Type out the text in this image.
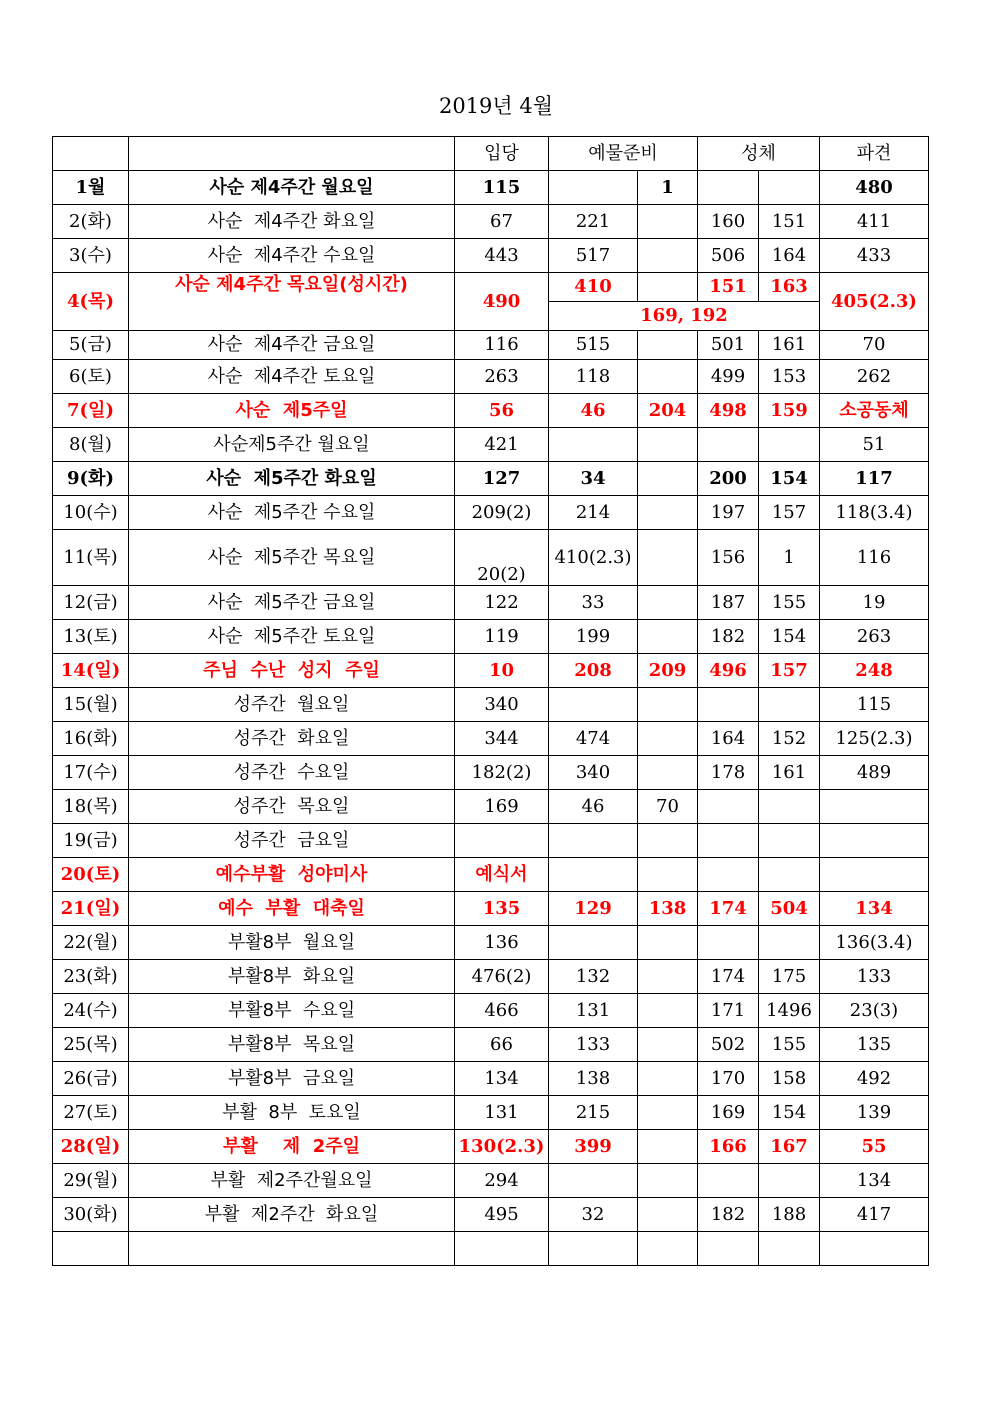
2019년 4월
		입당	예물준비		성체		파견
1월	사순 제4주간 월요일	115		1			480
2(화)	사순  제4주간 화요일	67	221		160	151	411
3(수)	사순  제4주간 수요일	443	517		506	164	433
4(목)	사순 제4주간 목요일(성시간)	490	410		151	163	405(2.3)
			169, 192				
5(금)	사순  제4주간 금요일	116	515		501	161	70
6(토)	사순  제4주간 토요일	263	118		499	153	262
7(일)	사순  제5주일	56	46	204	498	159	소공동체
8(월)	사순제5주간 월요일	421					51
9(화)	사순  제5주간 화요일	127	34		200	154	117
10(수)	사순  제5주간 수요일	209(2)	214		197	157	118(3.4)
11(목)	사순  제5주간 목요일	20(2)	410(2.3)		156	1	116
12(금)	사순  제5주간 금요일	122	33		187	155	19
13(토)	사순  제5주간 토요일	119	199		182	154	263
14(일)	주님  수난  성지  주일	10	208	209	496	157	248
15(월)	성주간  월요일	340					115
16(화)	성주간  화요일	344	474		164	152	125(2.3)
17(수)	성주간  수요일	182(2)	340		178	161	489
18(목)	성주간  목요일	169	46	70			
19(금)	성주간  금요일						
20(토)	예수부활  성야미사	예식서					
21(일)	예수  부활  대축일	135	129	138	174	504	134
22(월)	부활8부  월요일	136					136(3.4)
23(화)	부활8부  화요일	476(2)	132		174	175	133
24(수)	부활8부  수요일	466	131		171	1496	23(3)
25(목)	부활8부  목요일	66	133		502	155	135
26(금)	부활8부  금요일	134	138		170	158	492
27(토)	부활  8부  토요일	131	215		169	154	139
28(일)	부활    제  2주일	130(2.3)	399		166	167	55
29(월)	부활  제2주간월요일	294					134
30(화)	부활  제2주간  화요일	495	32		182	188	417
